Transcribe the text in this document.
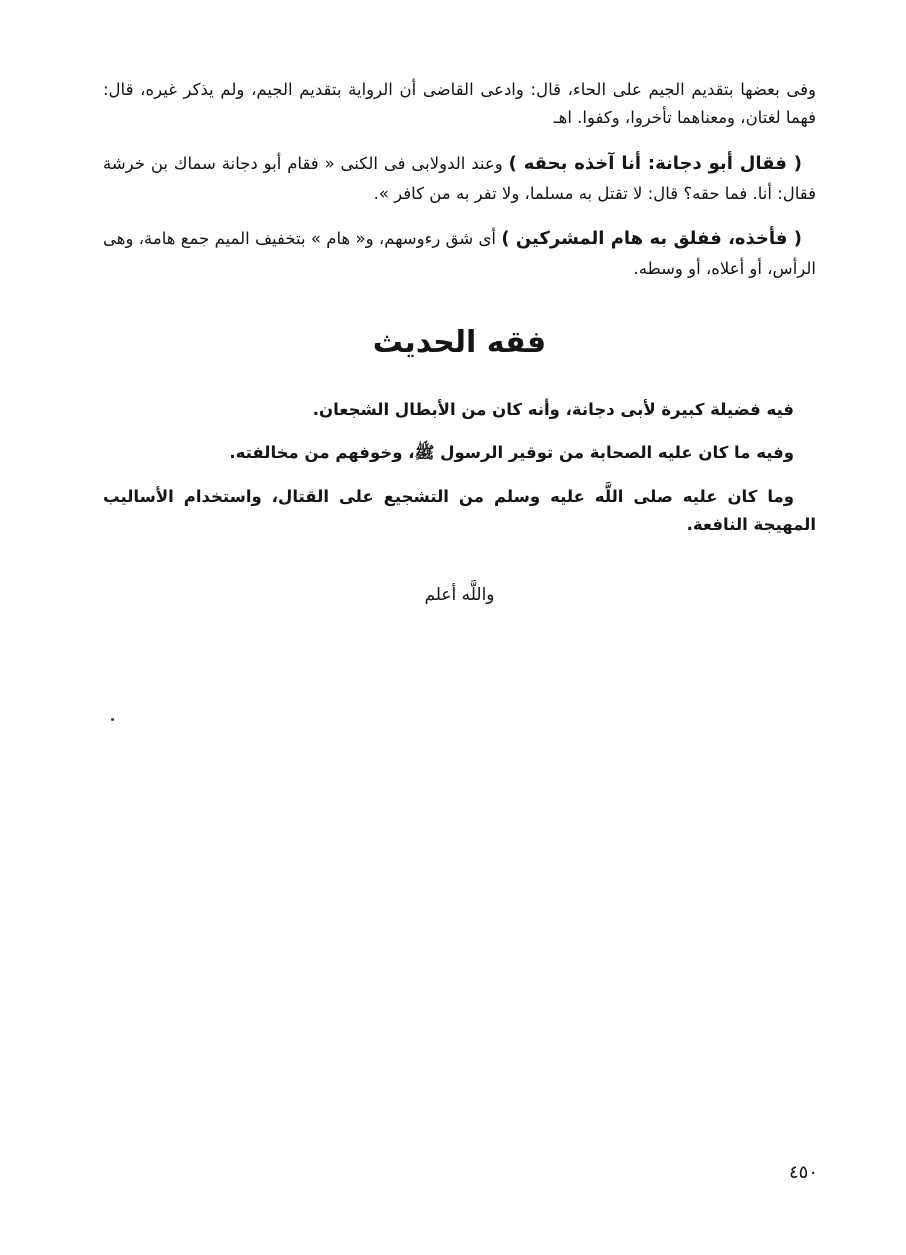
وفى بعضها بتقديم الجيم على الحاء، قال: وادعى القاضى أن الرواية بتقديم الجيم، ولم يذكر غيره، قال: فهما لغتان، ومعناهما تأخروا، وكفوا. اهـ

( فقال أبو دجانة: أنا آخذه بحقه ) وعند الدولابى فى الكنى « فقام أبو دجانة سماك بن خرشة فقال: أنا. فما حقه؟ قال: لا تقتل به مسلما، ولا تفر به من كافر ».

( فأخذه، ففلق به هام المشركين ) أى شق رءوسهم، و« هام » بتخفيف الميم جمع هامة، وهى الرأس، أو أعلاه، أو وسطه.

فقه الحديث

فيه فضيلة كبيرة لأبى دجانة، وأنه كان من الأبطال الشجعان.

وفيه ما كان عليه الصحابة من توقير الرسول ﷺ، وخوفهم من مخالفته.

وما كان عليه صلى اللَّه عليه وسلم من التشجيع على القتال، واستخدام الأساليب المهيجة النافعة.

واللَّه أعلم
٤٥٠
